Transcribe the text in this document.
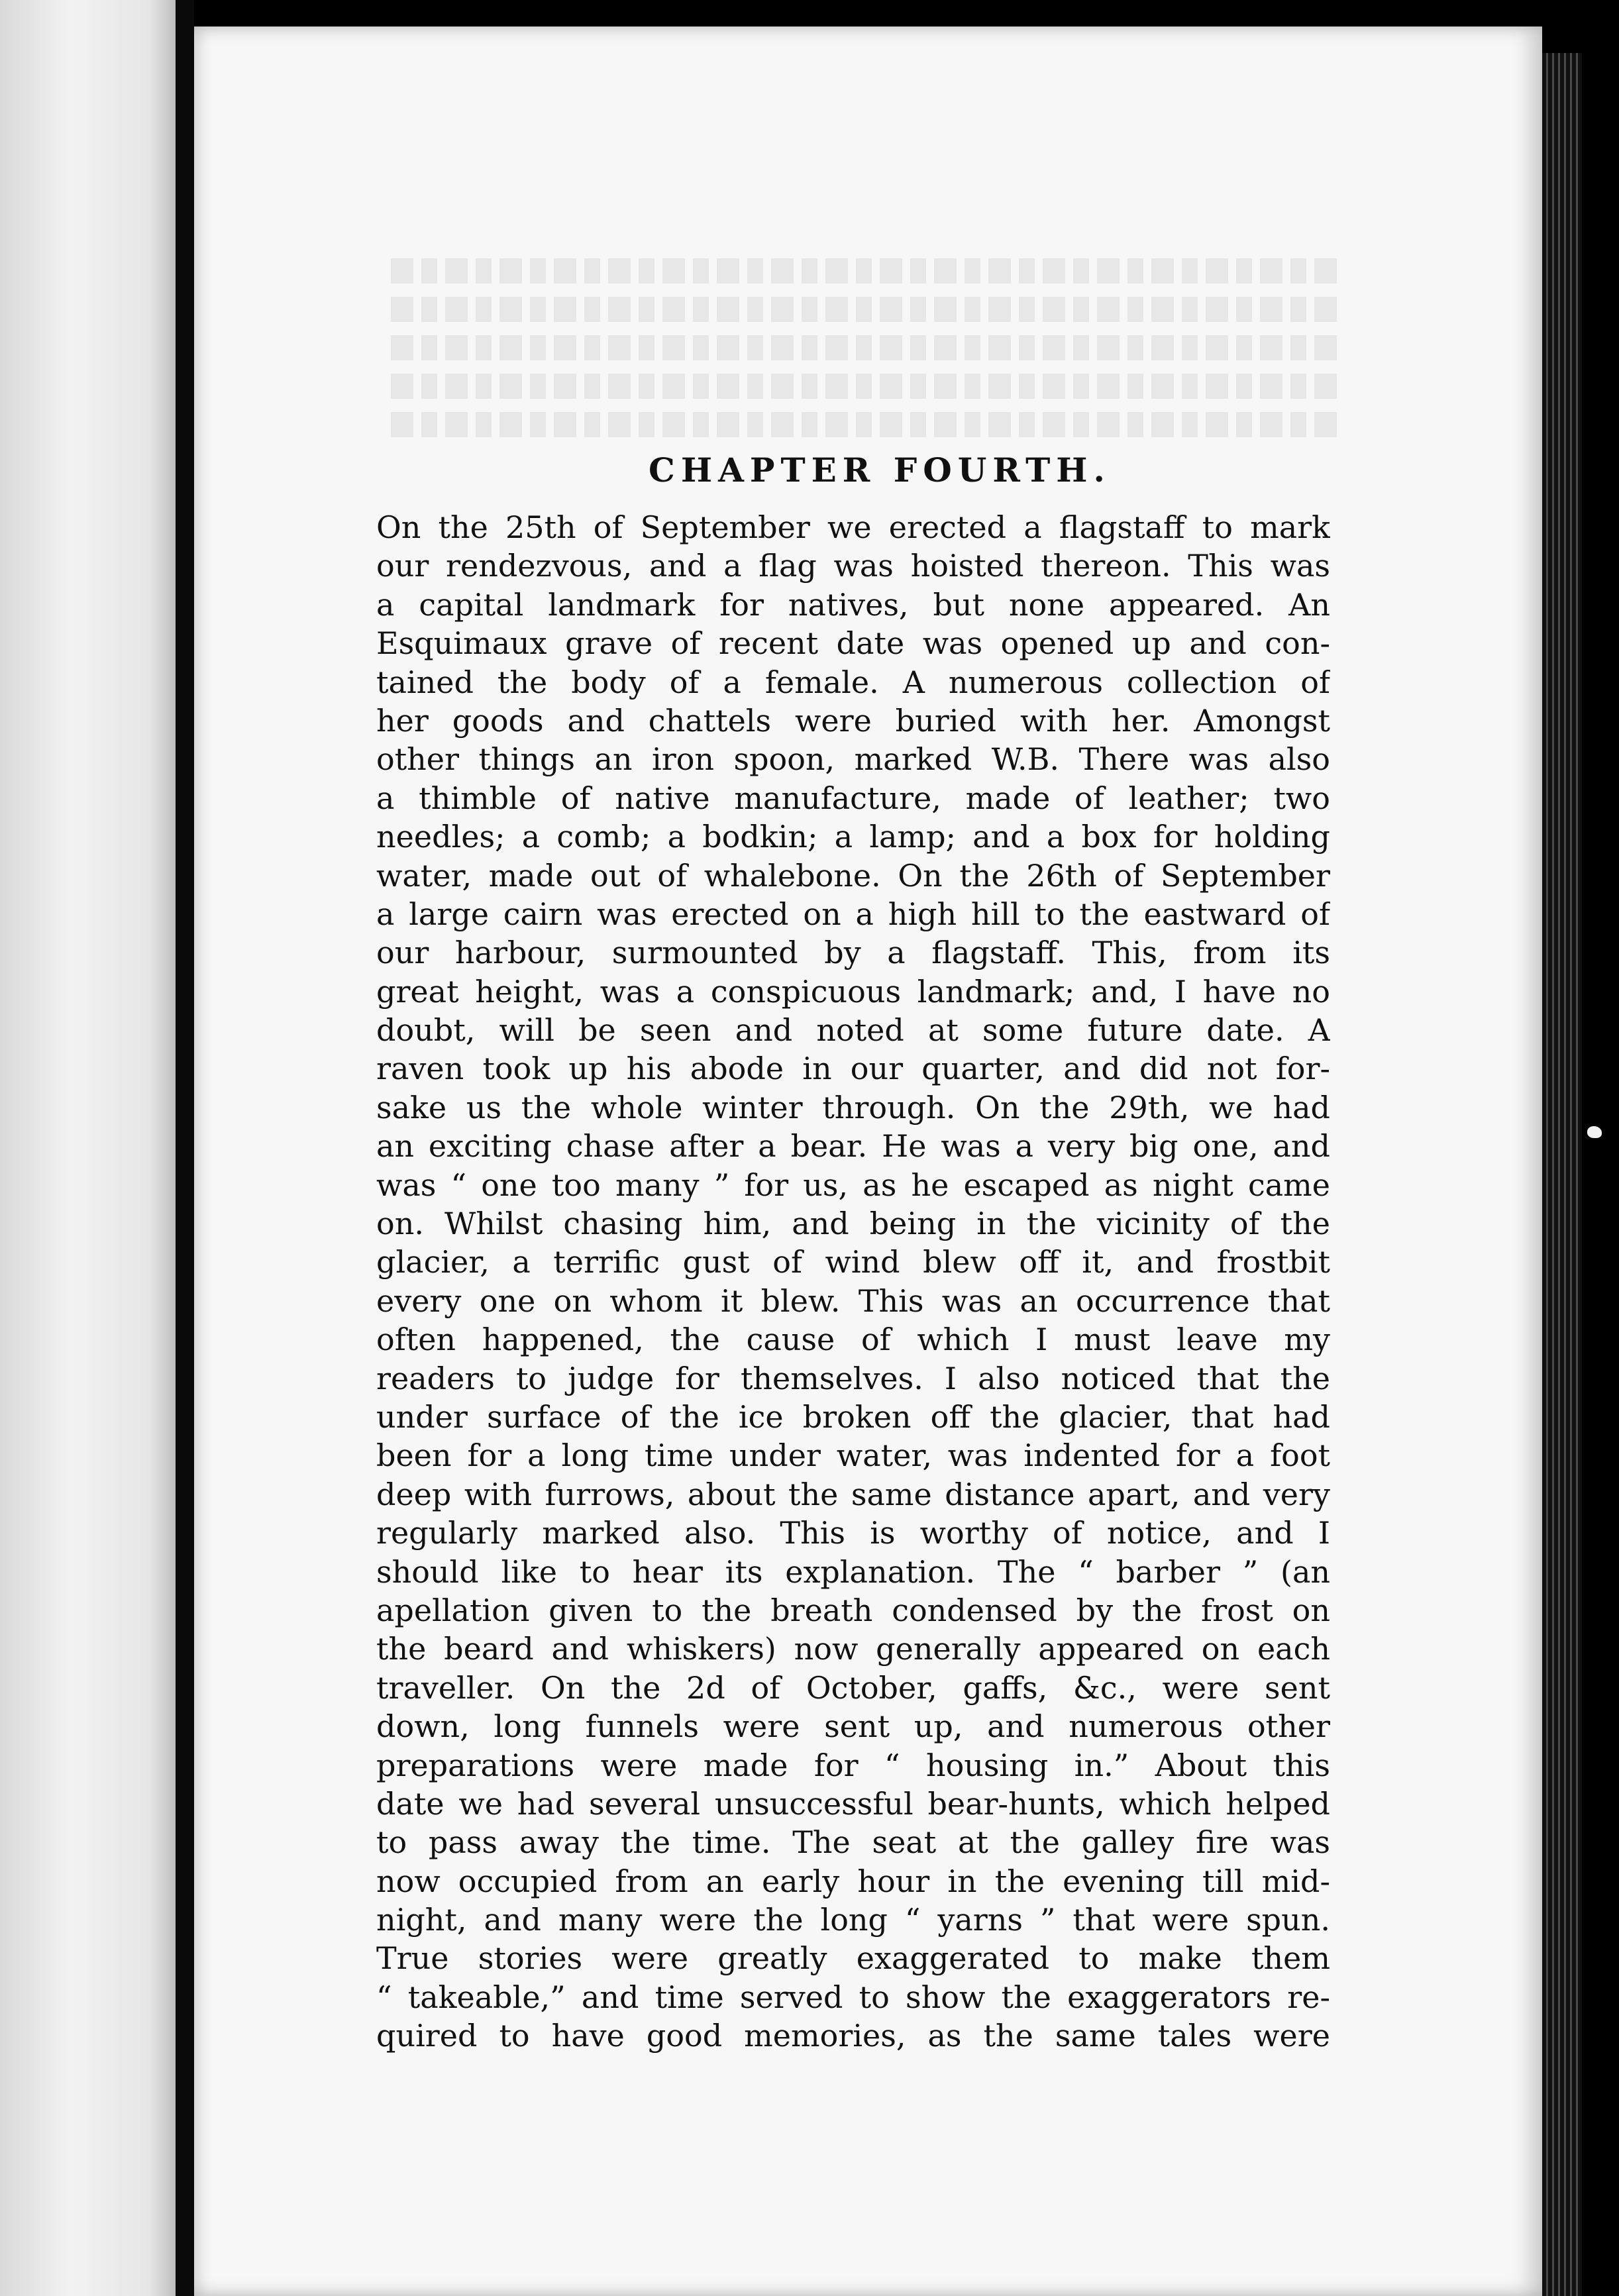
CHAPTER FOURTH.
On the 25th of September we erected a flagstaff to mark
our rendezvous, and a flag was hoisted thereon. This was
a capital landmark for natives, but none appeared. An
Esquimaux grave of recent date was opened up and con-
tained the body of a female. A numerous collection of
her goods and chattels were buried with her. Amongst
other things an iron spoon, marked W.B. There was also
a thimble of native manufacture, made of leather; two
needles; a comb; a bodkin; a lamp; and a box for holding
water, made out of whalebone. On the 26th of September
a large cairn was erected on a high hill to the eastward of
our harbour, surmounted by a flagstaff. This, from its
great height, was a conspicuous landmark; and, I have no
doubt, will be seen and noted at some future date. A
raven took up his abode in our quarter, and did not for-
sake us the whole winter through. On the 29th, we had
an exciting chase after a bear. He was a very big one, and
was “ one too many ” for us, as he escaped as night came
on. Whilst chasing him, and being in the vicinity of the
glacier, a terrific gust of wind blew off it, and frostbit
every one on whom it blew. This was an occurrence that
often happened, the cause of which I must leave my
readers to judge for themselves. I also noticed that the
under surface of the ice broken off the glacier, that had
been for a long time under water, was indented for a foot
deep with furrows, about the same distance apart, and very
regularly marked also. This is worthy of notice, and I
should like to hear its explanation. The “ barber ” (an
apellation given to the breath condensed by the frost on
the beard and whiskers) now generally appeared on each
traveller. On the 2d of October, gaffs, &c., were sent
down, long funnels were sent up, and numerous other
preparations were made for “ housing in.” About this
date we had several unsuccessful bear-hunts, which helped
to pass away the time. The seat at the galley fire was
now occupied from an early hour in the evening till mid-
night, and many were the long “ yarns ” that were spun.
True stories were greatly exaggerated to make them
“ takeable,” and time served to show the exaggerators re-
quired to have good memories, as the same tales were
